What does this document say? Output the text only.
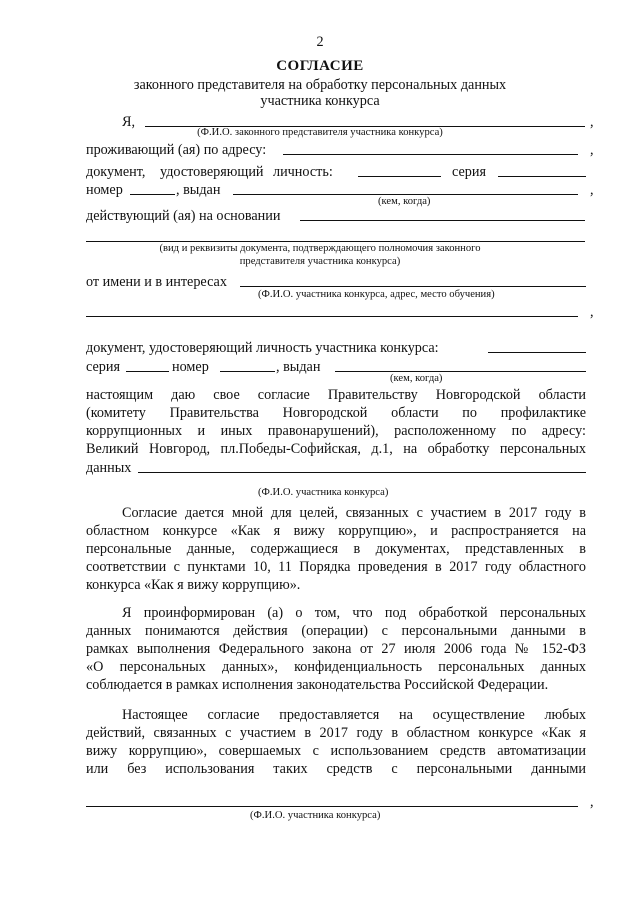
2
СОГЛАСИЕ
законного представителя на обработку персональных данных
участника конкурса
Я,	,
(Ф.И.О. законного представителя участника конкурса)
проживающий (ая) по адресу:	,
документ, удостоверяющий личность:	серия
номер	, выдан	,
(кем, когда)
действующий (ая) на основании
(вид и реквизиты документа, подтверждающего полномочия законного
представителя участника конкурса)
от имени и в интересах
(Ф.И.О. участника конкурса, адрес, место обучения)
,
документ, удостоверяющий личность участника конкурса:
серия	номер	, выдан
(кем, когда)
настоящим даю свое согласие Правительству Новгородской области
(комитету Правительства Новгородской области по профилактике
коррупционных и иных правонарушений), расположенному по адресу:
Великий Новгород, пл.Победы-Софийская, д.1, на обработку персональных
данных
(Ф.И.О. участника конкурса)
Согласие дается мной для целей, связанных с участием в 2017 году в
областном конкурсе «Как я вижу коррупцию», и распространяется на
персональные данные, содержащиеся в документах, представленных в
соответствии с пунктами 10, 11 Порядка проведения в 2017 году областного
конкурса «Как я вижу коррупцию».
Я проинформирован (а) о том, что под обработкой персональных
данных понимаются действия (операции) с персональными данными в
рамках выполнения Федерального закона от 27 июля 2006 года № 152-ФЗ
«О персональных данных», конфиденциальность персональных данных
соблюдается в рамках исполнения законодательства Российской Федерации.
Настоящее согласие предоставляется на осуществление любых
действий, связанных с участием в 2017 году в областном конкурсе «Как я
вижу коррупцию», совершаемых с использованием средств автоматизации
или без использования таких средств с персональными данными
,
(Ф.И.О. участника конкурса)
